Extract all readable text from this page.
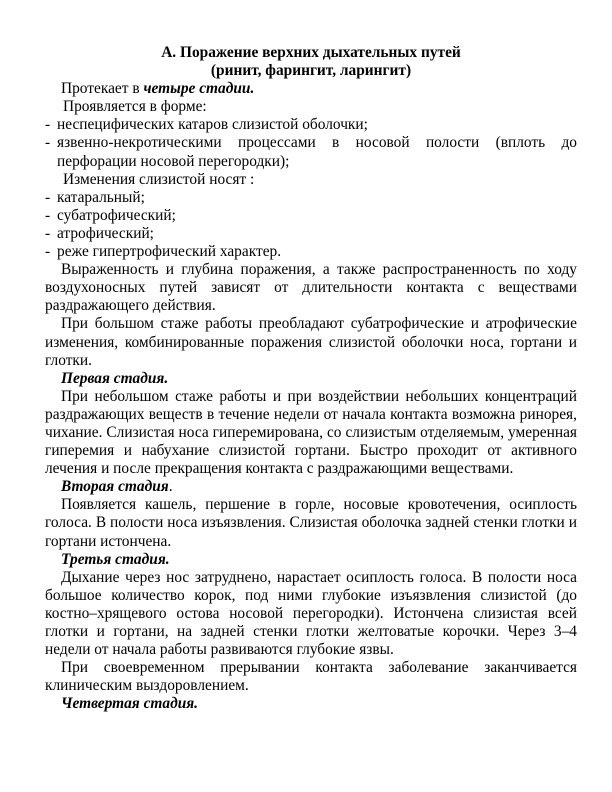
А. Поражение верхних дыхательных путей
(ринит, фарингит, ларингит)

Протекает в четыре стадии.

Проявляется в форме:

- неспецифических катаров слизистой оболочки;
- язвенно-некротическими процессами в носовой полости (вплоть до перфорации носовой перегородки);

Изменения слизистой носят :

- катаральный;
- субатрофический;
- атрофический;
- реже гипертрофический характер.

Выраженность и глубина поражения, а также распространенность по ходу воздухоносных путей зависят от длительности контакта с веществами раздражающего действия.

При большом стаже работы преобладают субатрофические и атрофические изменения, комбинированные поражения слизистой оболочки носа, гортани и глотки.

Первая стадия.

При небольшом стаже работы и при воздействии небольших концентраций раздражающих веществ в течение недели от начала контакта возможна ринорея, чихание. Слизистая носа гиперемирована, со слизистым отделяемым, умеренная гиперемия и набухание слизистой гортани. Быстро проходит от активного лечения и после прекращения контакта с раздражающими веществами.

Вторая стадия.

Появляется кашель, першение в горле, носовые кровотечения, осиплость голоса. В полости носа изъязвления. Слизистая оболочка задней стенки глотки и гортани истончена.

Третья стадия.

Дыхание через нос затруднено, нарастает осиплость голоса. В полости носа большое количество корок, под ними глубокие изъязвления слизистой (до костно–хрящевого остова носовой перегородки). Истончена слизистая всей глотки и гортани, на задней стенки глотки желтоватые корочки. Через 3–4 недели от начала работы развиваются глубокие язвы.

При своевременном прерывании контакта заболевание заканчивается клиническим выздоровлением.

Четвертая стадия.
